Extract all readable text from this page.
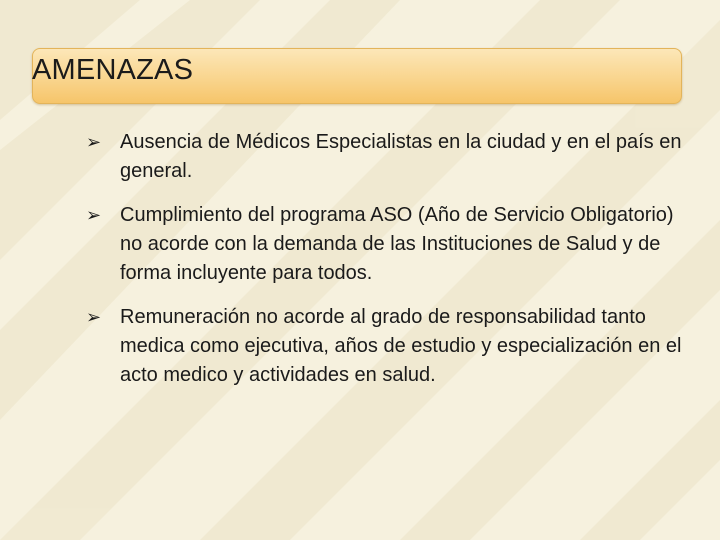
AMENAZAS
➢ Ausencia de Médicos Especialistas en la ciudad y en el país en general.
➢ Cumplimiento del programa ASO (Año de Servicio Obligatorio) no acorde con la demanda de las Instituciones de Salud y de forma incluyente para todos.
➢ Remuneración no acorde al grado de responsabilidad tanto medica como ejecutiva, años de estudio y especialización en el acto medico y actividades en salud.
